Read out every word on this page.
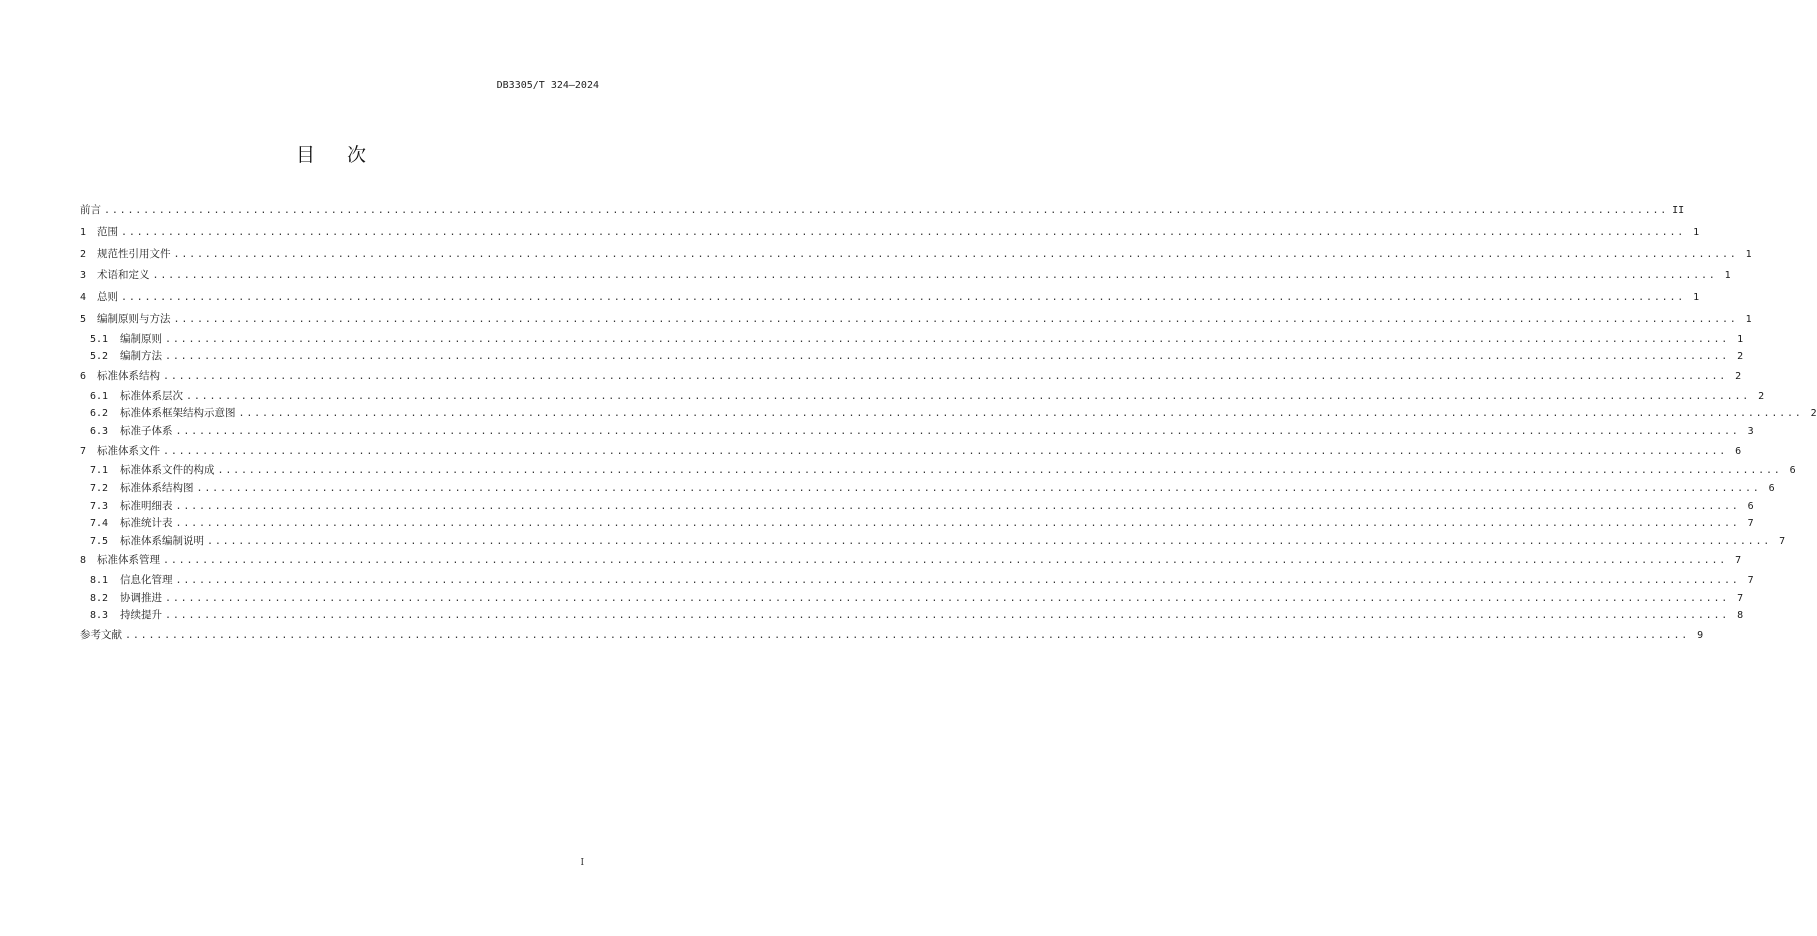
DB3305/T 324—2024
目次
前言 ........................................................................................................................................................................................................ II
1	范围 ........................................................................................................................................................................................................ 1
2	规范性引用文件 ........................................................................................................................................................................................................ 1
3	术语和定义 ........................................................................................................................................................................................................ 1
4	总则 ........................................................................................................................................................................................................ 1
5	编制原则与方法 ........................................................................................................................................................................................................ 1
5.1	编制原则 ........................................................................................................................................................................................................ 1
5.2	编制方法 ........................................................................................................................................................................................................ 2
6	标准体系结构 ........................................................................................................................................................................................................ 2
6.1	标准体系层次 ........................................................................................................................................................................................................ 2
6.2	标准体系框架结构示意图 ........................................................................................................................................................................................................ 2
6.3	标准子体系 ........................................................................................................................................................................................................ 3
7	标准体系文件 ........................................................................................................................................................................................................ 6
7.1	标准体系文件的构成 ........................................................................................................................................................................................................ 6
7.2	标准体系结构图 ........................................................................................................................................................................................................ 6
7.3	标准明细表 ........................................................................................................................................................................................................ 6
7.4	标准统计表 ........................................................................................................................................................................................................ 7
7.5	标准体系编制说明 ........................................................................................................................................................................................................ 7
8	标准体系管理 ........................................................................................................................................................................................................ 7
8.1	信息化管理 ........................................................................................................................................................................................................ 7
8.2	协调推进 ........................................................................................................................................................................................................ 7
8.3	持续提升 ........................................................................................................................................................................................................ 8
参考文献 ........................................................................................................................................................................................................ 9
I
